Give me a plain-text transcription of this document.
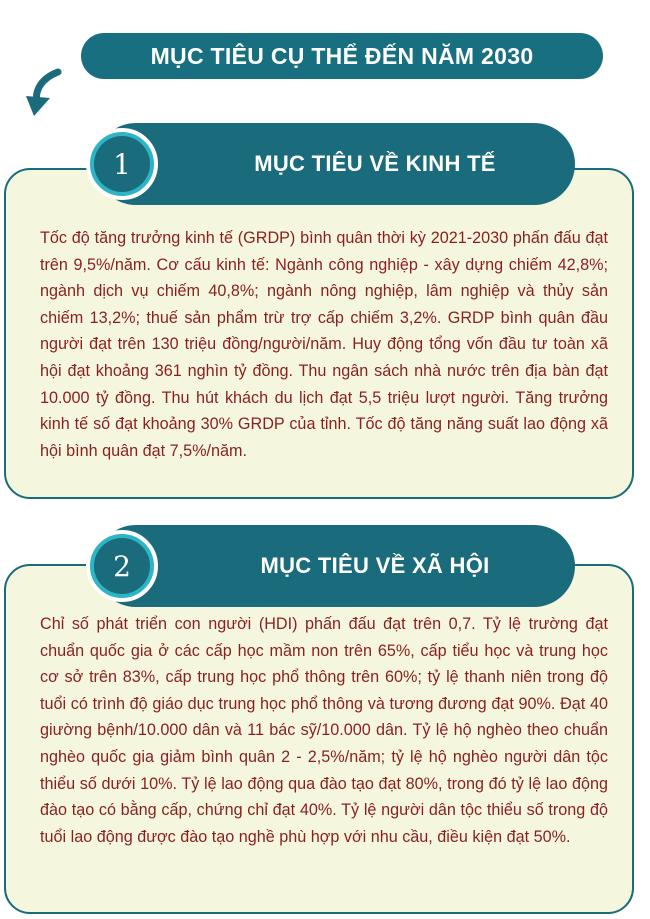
MỤC TIÊU CỤ THỂ ĐẾN NĂM 2030

Tốc độ tăng trưởng kinh tế (GRDP) bình quân thời kỳ 2021-2030 phấn đấu đạt trên 9,5%/năm. Cơ cấu kinh tế: Ngành công nghiệp - xây dựng chiếm 42,8%; ngành dịch vụ chiếm 40,8%; ngành nông nghiệp, lâm nghiệp và thủy sản chiếm 13,2%; thuế sản phẩm trừ trợ cấp chiếm 3,2%. GRDP bình quân đầu người đạt trên 130 triệu đồng/người/năm. Huy động tổng vốn đầu tư toàn xã hội đạt khoảng 361 nghìn tỷ đồng. Thu ngân sách nhà nước trên địa bàn đạt 10.000 tỷ đồng. Thu hút khách du lịch đạt 5,5 triệu lượt người. Tăng trưởng kinh tế số đạt khoảng 30% GRDP của tỉnh. Tốc độ tăng năng suất lao động xã hội bình quân đạt 7,5%/năm.

MỤC TIÊU VỀ KINH TẾ
1

Chỉ số phát triển con người (HDI) phấn đấu đạt trên 0,7. Tỷ lệ trường đạt chuẩn quốc gia ở các cấp học mầm non trên 65%, cấp tiểu học và trung học cơ sở trên 83%, cấp trung học phổ thông trên 60%; tỷ lệ thanh niên trong độ tuổi có trình độ giáo dục trung học phổ thông và tương đương đạt 90%. Đạt 40 giường bệnh/10.000 dân và 11 bác sỹ/10.000 dân. Tỷ lệ hộ nghèo theo chuẩn nghèo quốc gia giảm bình quân 2 - 2,5%/năm; tỷ lệ hộ nghèo người dân tộc thiểu số dưới 10%. Tỷ lệ lao động qua đào tạo đạt 80%, trong đó tỷ lệ lao động đào tạo có bằng cấp, chứng chỉ đạt 40%. Tỷ lệ người dân tộc thiểu số trong độ tuổi lao động được đào tạo nghề phù hợp với nhu cầu, điều kiện đạt 50%.

MỤC TIÊU VỀ XÃ HỘI
2
